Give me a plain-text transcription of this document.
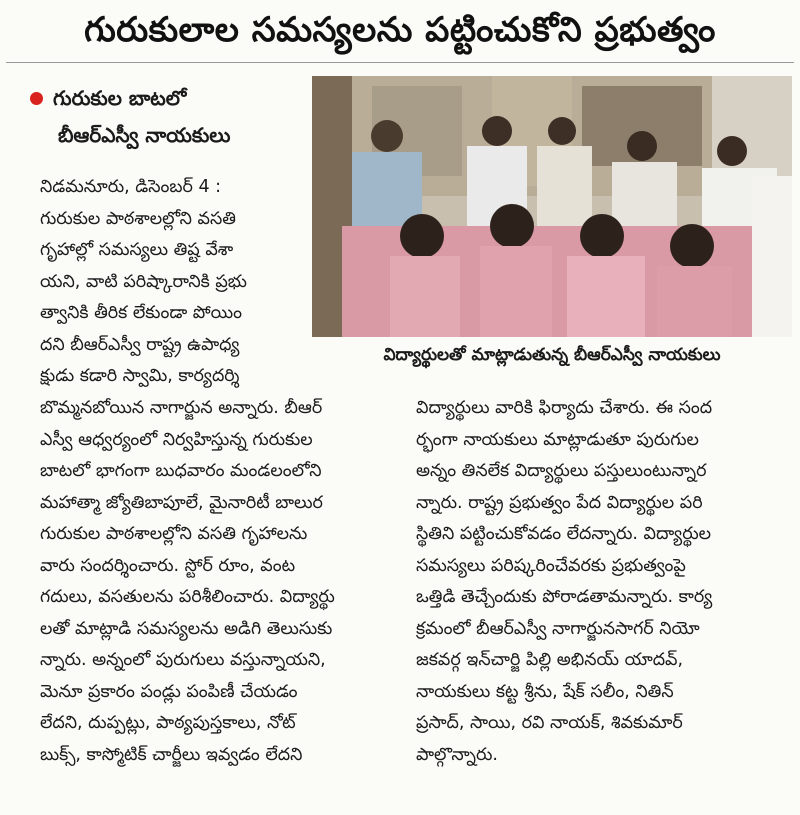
గురుకులాల సమస్యలను పట్టించుకోని ప్రభుత్వం
గురుకుల బాటలో
బీఆర్‌ఎస్వీ నాయకులు
నిడమనూరు, డిసెంబర్ 4 :
గురుకుల పాఠశాలల్లోని వసతి
గృహాల్లో సమస్యలు తిష్ట వేశా
యని, వాటి పరిష్కారానికి ప్రభు
త్వానికి తీరిక లేకుండా పోయిం
దని బీఆర్‌ఎస్వీ రాష్ట్ర ఉపాధ్య
క్షుడు కడారి స్వామి, కార్యదర్శి
విద్యార్థులతో మాట్లాడుతున్న బీఆర్‌ఎస్వీ నాయకులు
బొమ్మనబోయిన నాగార్జున అన్నారు. బీఆర్
ఎస్వీ ఆధ్వర్యంలో నిర్వహిస్తున్న గురుకుల
బాటలో భాగంగా బుధవారం మండలంలోని
మహాత్మా జ్యోతిబాపూలే, మైనారిటీ బాలుర
గురుకుల పాఠశాలల్లోని వసతి గృహాలను
వారు సందర్శించారు. స్టోర్ రూం, వంట
గదులు, వసతులను పరిశీలించారు. విద్యార్థు
లతో మాట్లాడి సమస్యలను అడిగి తెలుసుకు
న్నారు. అన్నంలో పురుగులు వస్తున్నాయని,
మెనూ ప్రకారం పండ్లు పంపిణీ చేయడం
లేదని, దుప్పట్లు, పాఠ్యపుస్తకాలు, నోట్
బుక్స్, కాస్మోటిక్ చార్జీలు ఇవ్వడం లేదని
విద్యార్థులు వారికి ఫిర్యాదు చేశారు. ఈ సంద
ర్భంగా నాయకులు మాట్లాడుతూ పురుగుల
అన్నం తినలేక విద్యార్థులు పస్తులుంటున్నార
న్నారు. రాష్ట్ర ప్రభుత్వం పేద విద్యార్థుల పరి
స్థితిని పట్టించుకోవడం లేదన్నారు. విద్యార్థుల
సమస్యలు పరిష్కరించేవరకు ప్రభుత్వంపై
ఒత్తిడి తెచ్చేందుకు పోరాడతామన్నారు. కార్య
క్రమంలో బీఆర్‌ఎస్వీ నాగార్జునసాగర్ నియో
జకవర్గ ఇన్‌చార్జి పిల్లి అభినయ్ యాదవ్,
నాయకులు కట్ట శ్రీను, షేక్ సలీం, నితిన్
ప్రసాద్, సాయి, రవి నాయక్, శివకుమార్
పాల్గొన్నారు.
